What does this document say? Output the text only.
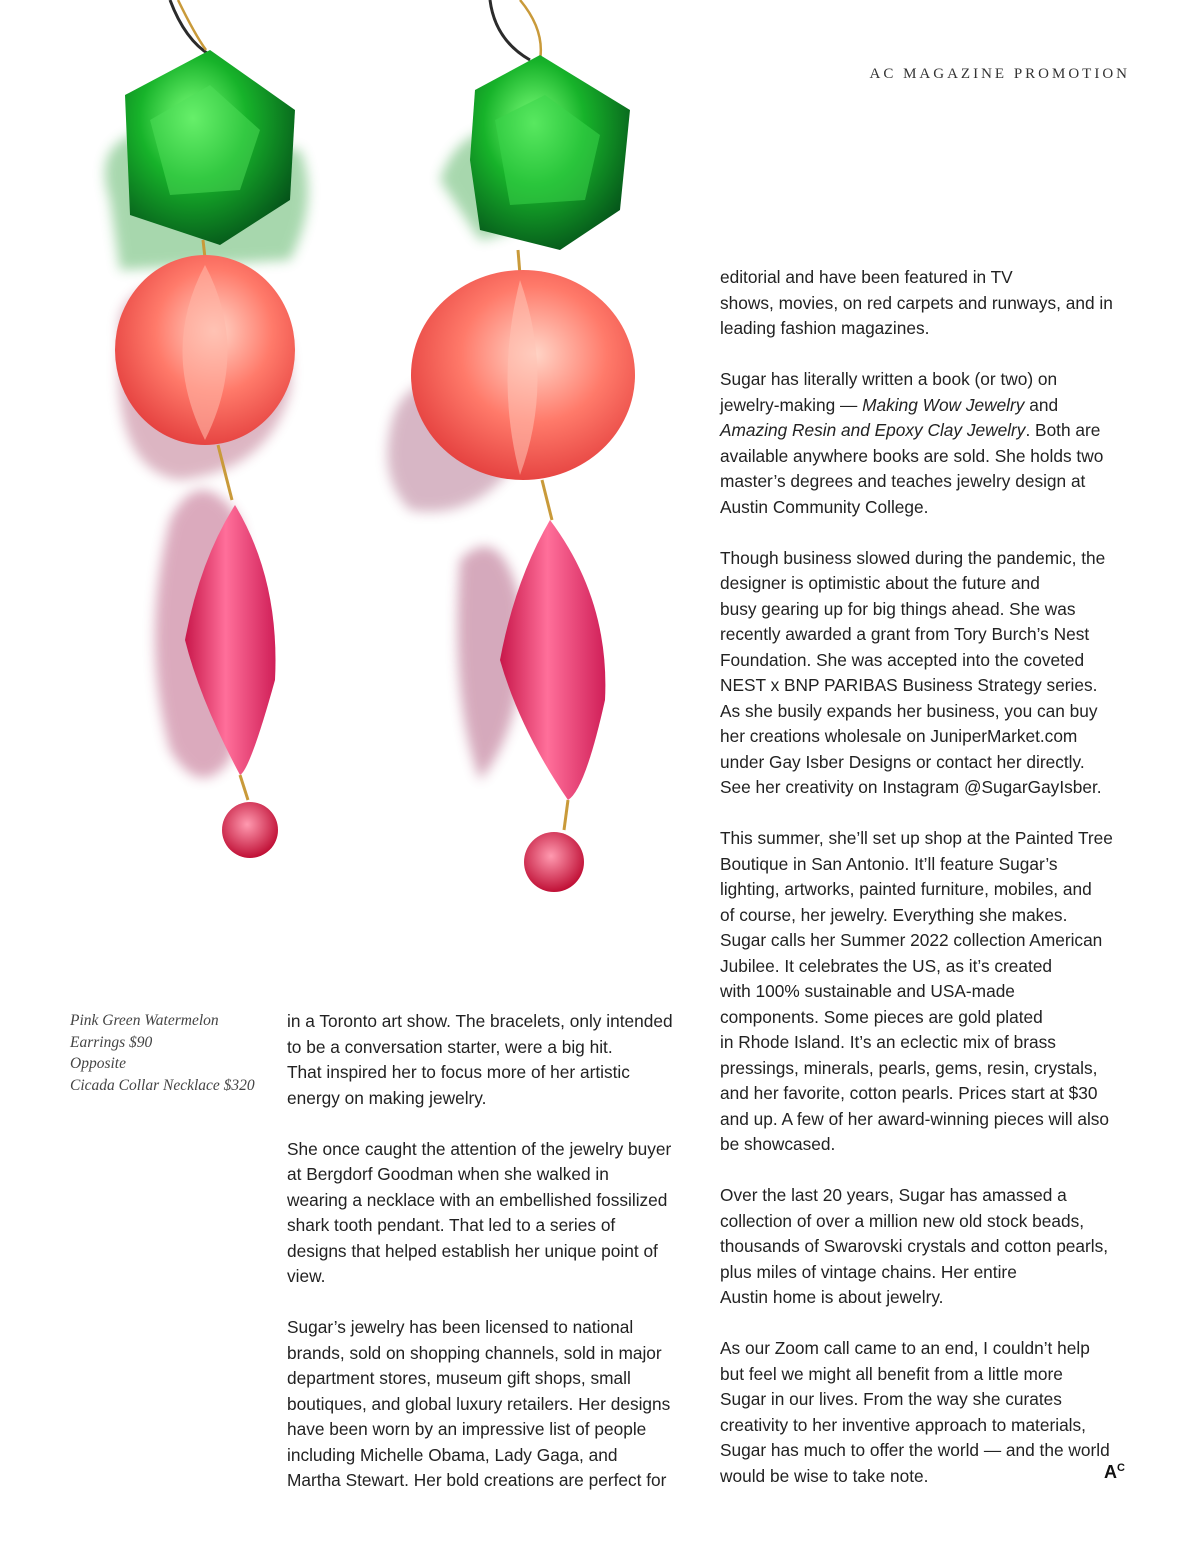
AC MAGAZINE PROMOTION
Pink Green Watermelon
Earrings $90
Opposite
Cicada Collar Necklace $320

in a Toronto art show. The bracelets, only intended
to be a conversation starter, were a big hit.
That inspired her to focus more of her artistic
energy on making jewelry.

She once caught the attention of the jewelry buyer
at Bergdorf Goodman when she walked in
wearing a necklace with an embellished fossilized
shark tooth pendant. That led to a series of
designs that helped establish her unique point of
view.

Sugar’s jewelry has been licensed to national
brands, sold on shopping channels, sold in major
department stores, museum gift shops, small
boutiques, and global luxury retailers. Her designs
have been worn by an impressive list of people
including Michelle Obama, Lady Gaga, and
Martha Stewart. Her bold creations are perfect for

editorial and have been featured in TV
shows, movies, on red carpets and runways, and in
leading fashion magazines.

Sugar has literally written a book (or two) on
jewelry-making — Making Wow Jewelry and
Amazing Resin and Epoxy Clay Jewelry. Both are
available anywhere books are sold. She holds two
master’s degrees and teaches jewelry design at
Austin Community College.

Though business slowed during the pandemic, the
designer is optimistic about the future and
busy gearing up for big things ahead. She was
recently awarded a grant from Tory Burch’s Nest
Foundation. She was accepted into the coveted
NEST x BNP PARIBAS Business Strategy series.
As she busily expands her business, you can buy
her creations wholesale on JuniperMarket.com
under Gay Isber Designs or contact her directly.
See her creativity on Instagram @SugarGayIsber.

This summer, she’ll set up shop at the Painted Tree
Boutique in San Antonio. It’ll feature Sugar’s
lighting, artworks, painted furniture, mobiles, and
of course, her jewelry. Everything she makes.
Sugar calls her Summer 2022 collection American
Jubilee. It celebrates the US, as it’s created
with 100% sustainable and USA-made
components. Some pieces are gold plated
in Rhode Island. It’s an eclectic mix of brass
pressings, minerals, pearls, gems, resin, crystals,
and her favorite, cotton pearls. Prices start at $30
and up. A few of her award-winning pieces will also
be showcased.

Over the last 20 years, Sugar has amassed a
collection of over a million new old stock beads,
thousands of Swarovski crystals and cotton pearls,
plus miles of vintage chains. Her entire
Austin home is about jewelry.

As our Zoom call came to an end, I couldn’t help
but feel we might all benefit from a little more
Sugar in our lives. From the way she curates
creativity to her inventive approach to materials,
Sugar has much to offer the world — and the world
would be wise to take note.	$A^C$
